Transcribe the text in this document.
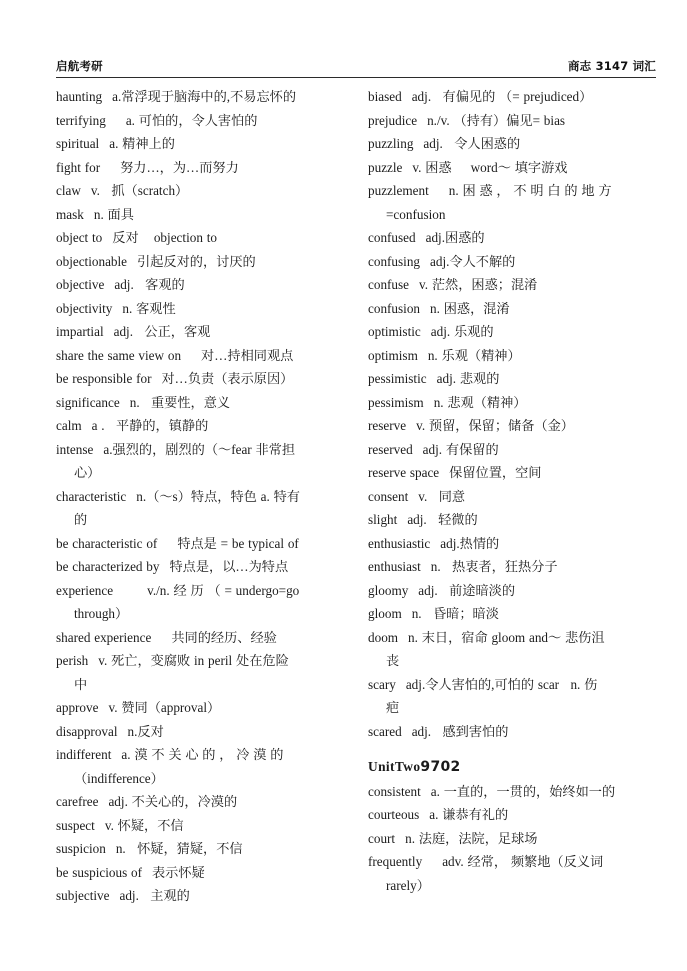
启航考研	商志 3147 词汇
haunting a.常浮现于脑海中的,不易忘怀的
terrifying a. 可怕的，令人害怕的
spiritual a. 精神上的
fight for 努力…，为…而努力
claw v.   抓（scratch）
mask n. 面具
object to 反对    objection to
objectionable 引起反对的，讨厌的
objective adj.   客观的
objectivity n. 客观性
impartial adj.   公正，客观
share the same view on 对…持相同观点
be responsible for 对…负责（表示原因）
significance n.   重要性，意义
calm a .   平静的，镇静的
intense a.强烈的，剧烈的（～fear 非常担
心）
characteristic n.（～s）特点，特色 a. 特有
的
be characteristic of 特点是 = be typical of
be characterized by 特点是，以…为特点
experience	v./n. 经 历 （ = undergo=go
through）
shared experience 共同的经历、经验
perish v. 死亡，变腐败 in peril 处在危险
中
approve v. 赞同（approval）
disapproval n.反对
indifferent a. 漠 不 关 心 的 ， 冷 漠 的
（indifference）
carefree adj. 不关心的，冷漠的
suspect v. 怀疑，不信
suspicion n.   怀疑，猜疑，不信
be suspicious of 表示怀疑
subjective adj.   主观的
biased adj.   有偏见的 （= prejudiced）
prejudice n./v. （持有）偏见= bias
puzzling adj.   令人困惑的
puzzle v. 困惑     word～ 填字游戏
puzzlement n. 困 惑 ， 不 明 白 的 地 方
=confusion
confused adj.困惑的
confusing adj.令人不解的
confuse v. 茫然，困惑；混淆
confusion n. 困惑，混淆
optimistic adj. 乐观的
optimism n. 乐观（精神）
pessimistic adj. 悲观的
pessimism n. 悲观（精神）
reserve v. 预留，保留；储备（金）
reserved adj. 有保留的
reserve space 保留位置，空间
consent v.   同意
slight adj.   轻微的
enthusiastic adj.热情的
enthusiast n.   热衷者，狂热分子
gloomy adj.   前途暗淡的
gloom n.   昏暗；暗淡
doom n. 末日，宿命 gloom and～ 悲伤沮
丧
scary adj.令人害怕的,可怕的 scar   n. 伤
疤
scared adj.   感到害怕的
UnitTwo9702
consistent a. 一直的，一贯的，始终如一的
courteous a. 谦恭有礼的
court n. 法庭，法院，足球场
frequently adv. 经常， 频繁地（反义词
rarely）
